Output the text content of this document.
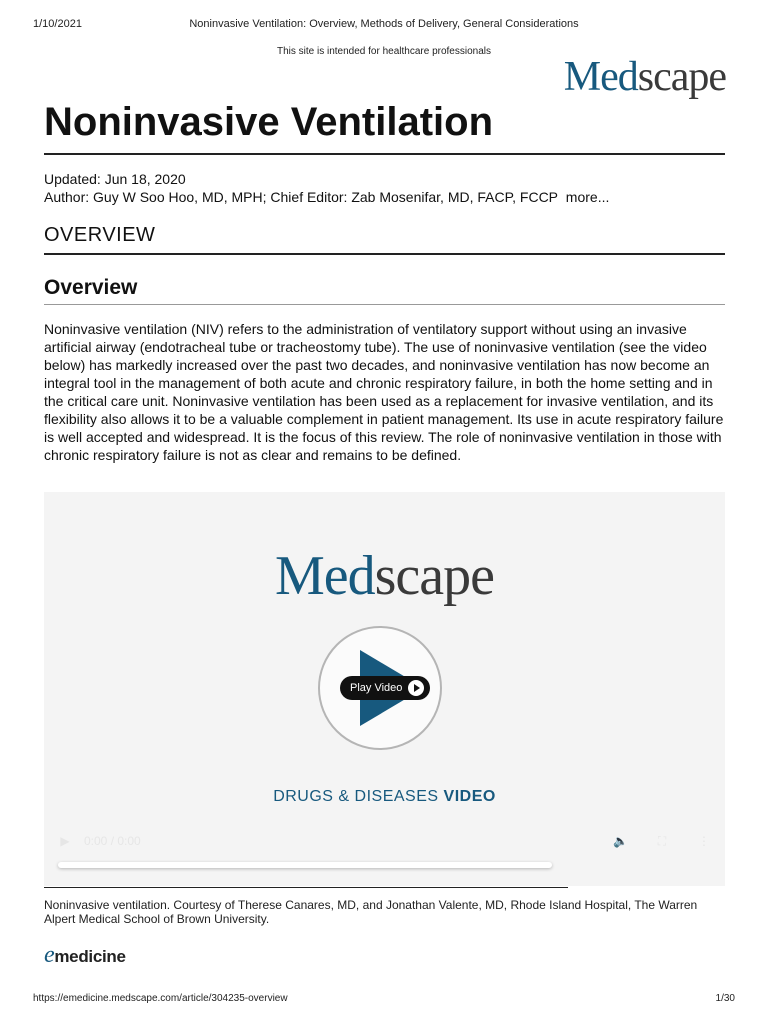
1/10/2021	Noninvasive Ventilation: Overview, Methods of Delivery, General Considerations
This site is intended for healthcare professionals
Medscape
Noninvasive Ventilation
Updated: Jun 18, 2020
Author: Guy W Soo Hoo, MD, MPH; Chief Editor: Zab Mosenifar, MD, FACP, FCCP more...
OVERVIEW
Overview

Noninvasive ventilation (NIV) refers to the administration of ventilatory support without using an invasive artificial airway (endotracheal tube or tracheostomy tube). The use of noninvasive ventilation (see the video below) has markedly increased over the past two decades, and noninvasive ventilation has now become an integral tool in the management of both acute and chronic respiratory failure, in both the home setting and in the critical care unit. Noninvasive ventilation has been used as a replacement for invasive ventilation, and its flexibility also allows it to be a valuable complement in patient management. Its use in acute respiratory failure is well accepted and widespread. It is the focus of this review. The role of noninvasive ventilation in those with chronic respiratory failure is not as clear and remains to be defined.

Medscape
Play Video
DRUGS & DISEASES VIDEO
▶ 0:00 / 0:00	🔈 ⛶	⋮
Noninvasive ventilation. Courtesy of Therese Canares, MD, and Jonathan Valente, MD, Rhode Island Hospital, The Warren Alpert Medical School of Brown University.
emedicine
https://emedicine.medscape.com/article/304235-overview	1/30
